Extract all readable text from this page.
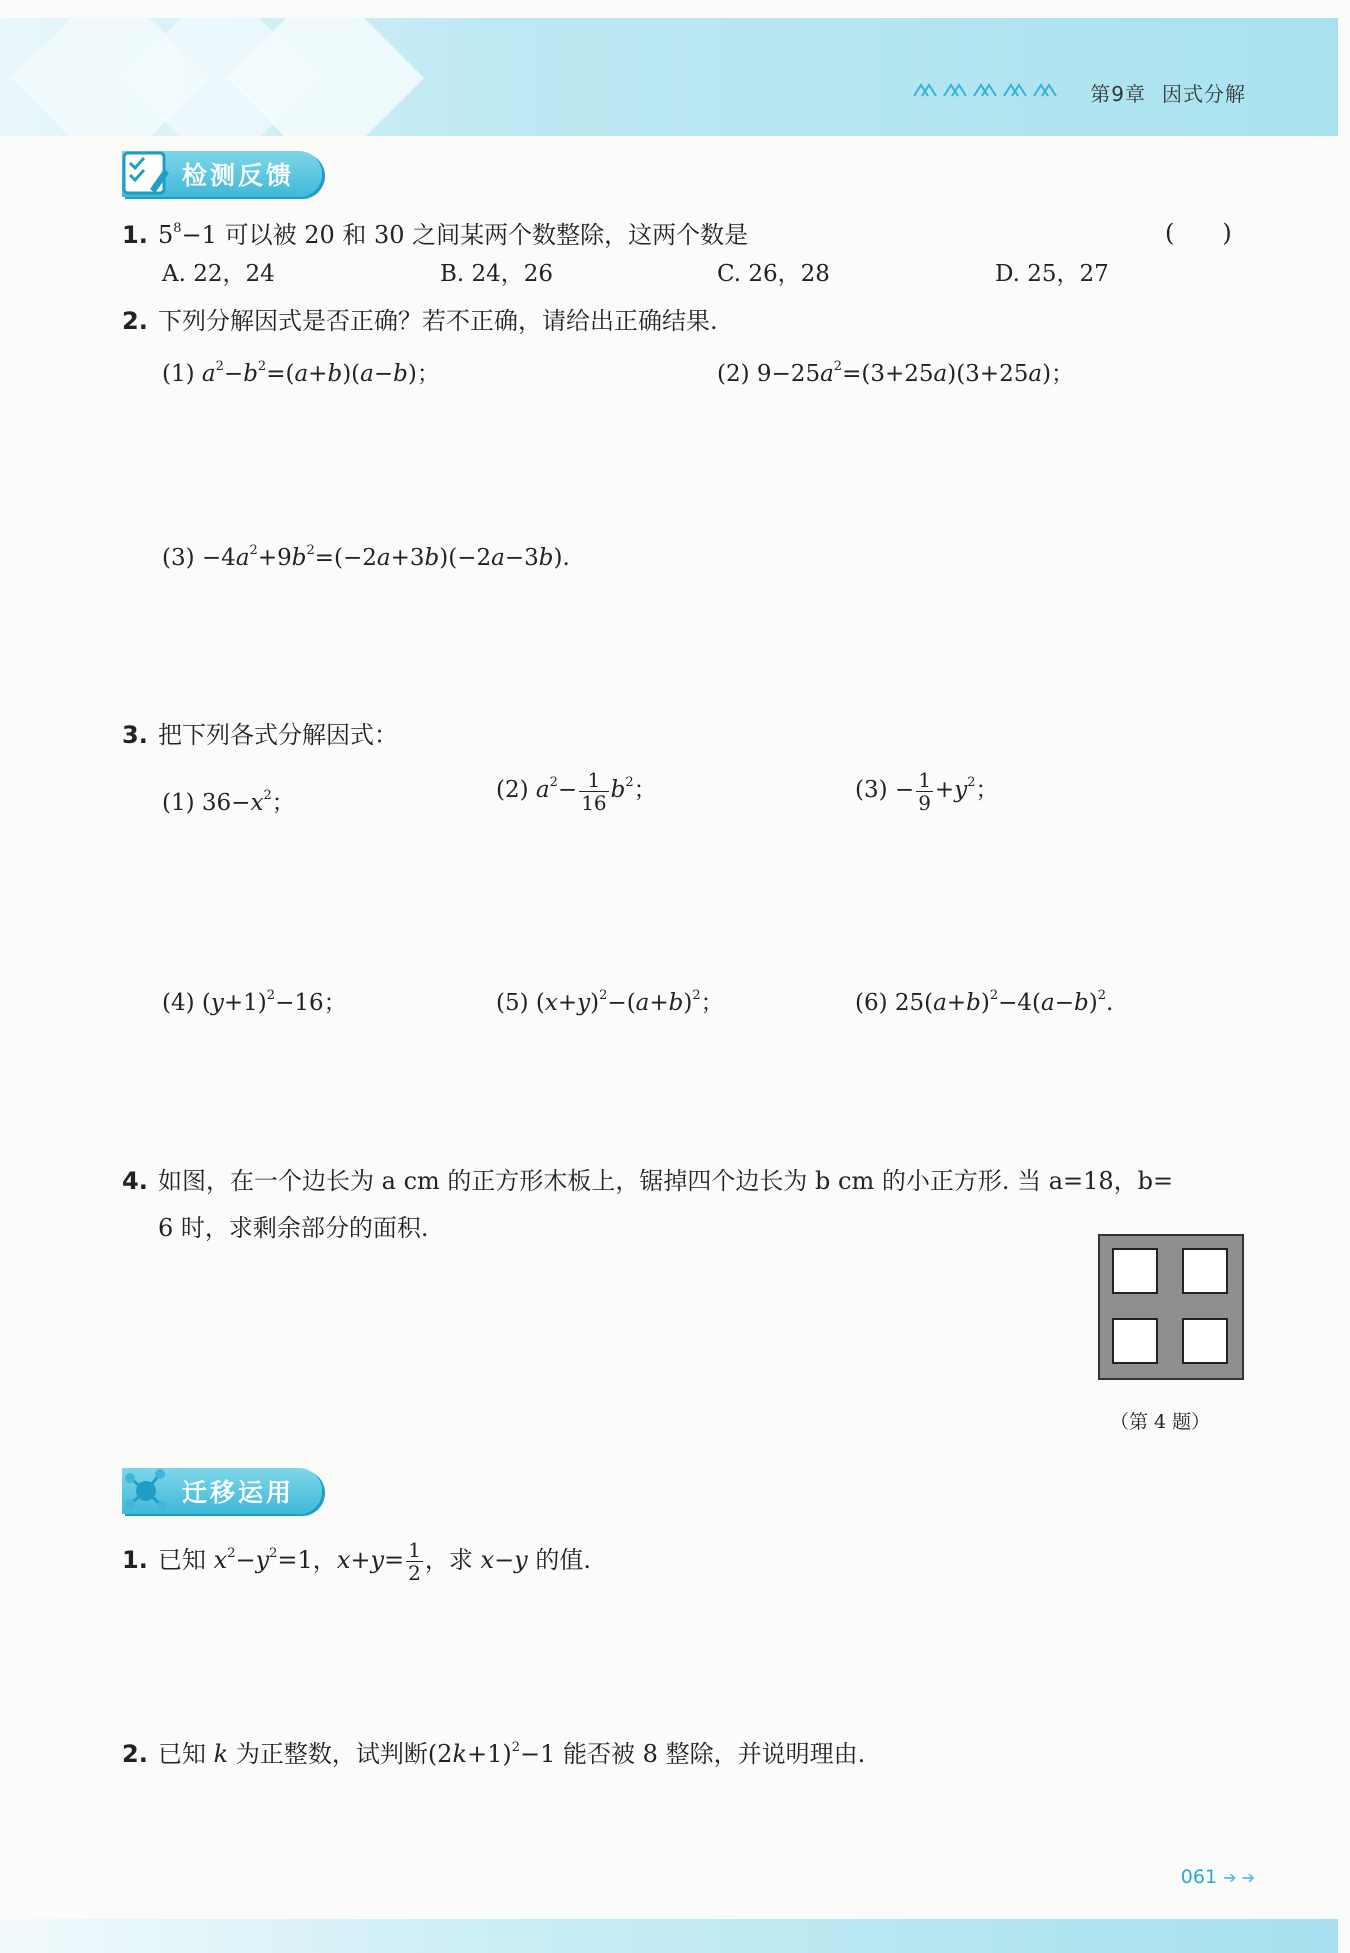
第9章 因式分解
检测反馈
1. $5^8-1$ 可以被 20 和 30 之间某两个数整除，这两个数是	(　　)
A. 22，24	B. 24，26	C. 26，28	D. 25，27
2. 下列分解因式是否正确？若不正确，请给出正确结果.
(1) $a^2-b^2=(a+b)(a-b)$；	(2) $9-25a^2=(3+25a)(3+25a)$；
$(3) -4a^2+9b^2=(-2a+3b)(-2a-3b)$.
3. 把下列各式分解因式：
(1) $36-x^2$；	(2) $a^2- \frac{1}{16} b^2$；	$(3) - \frac{1}{9} +y^2$；
(4) $(y+1)^2-16$；	(5) $(x+y)^2-(a+b)^2$；	(6) $25(a+b)^2-4(a-b)^2$.
4. 如图，在一个边长为 a cm 的正方形木板上，锯掉四个边长为 b cm 的小正方形. 当 a=18，b=
6 时，求剩余部分的面积.
（第 4 题）
迁移运用
1. 已知 $x^2-y^2=1$，$x+y= \frac{1}{2}$ ，求 x−y 的值.
2. 已知 k 为正整数，试判断$(2k+1)^2-1$ 能否被 8 整除，并说明理由.
061 ➔ ➔
